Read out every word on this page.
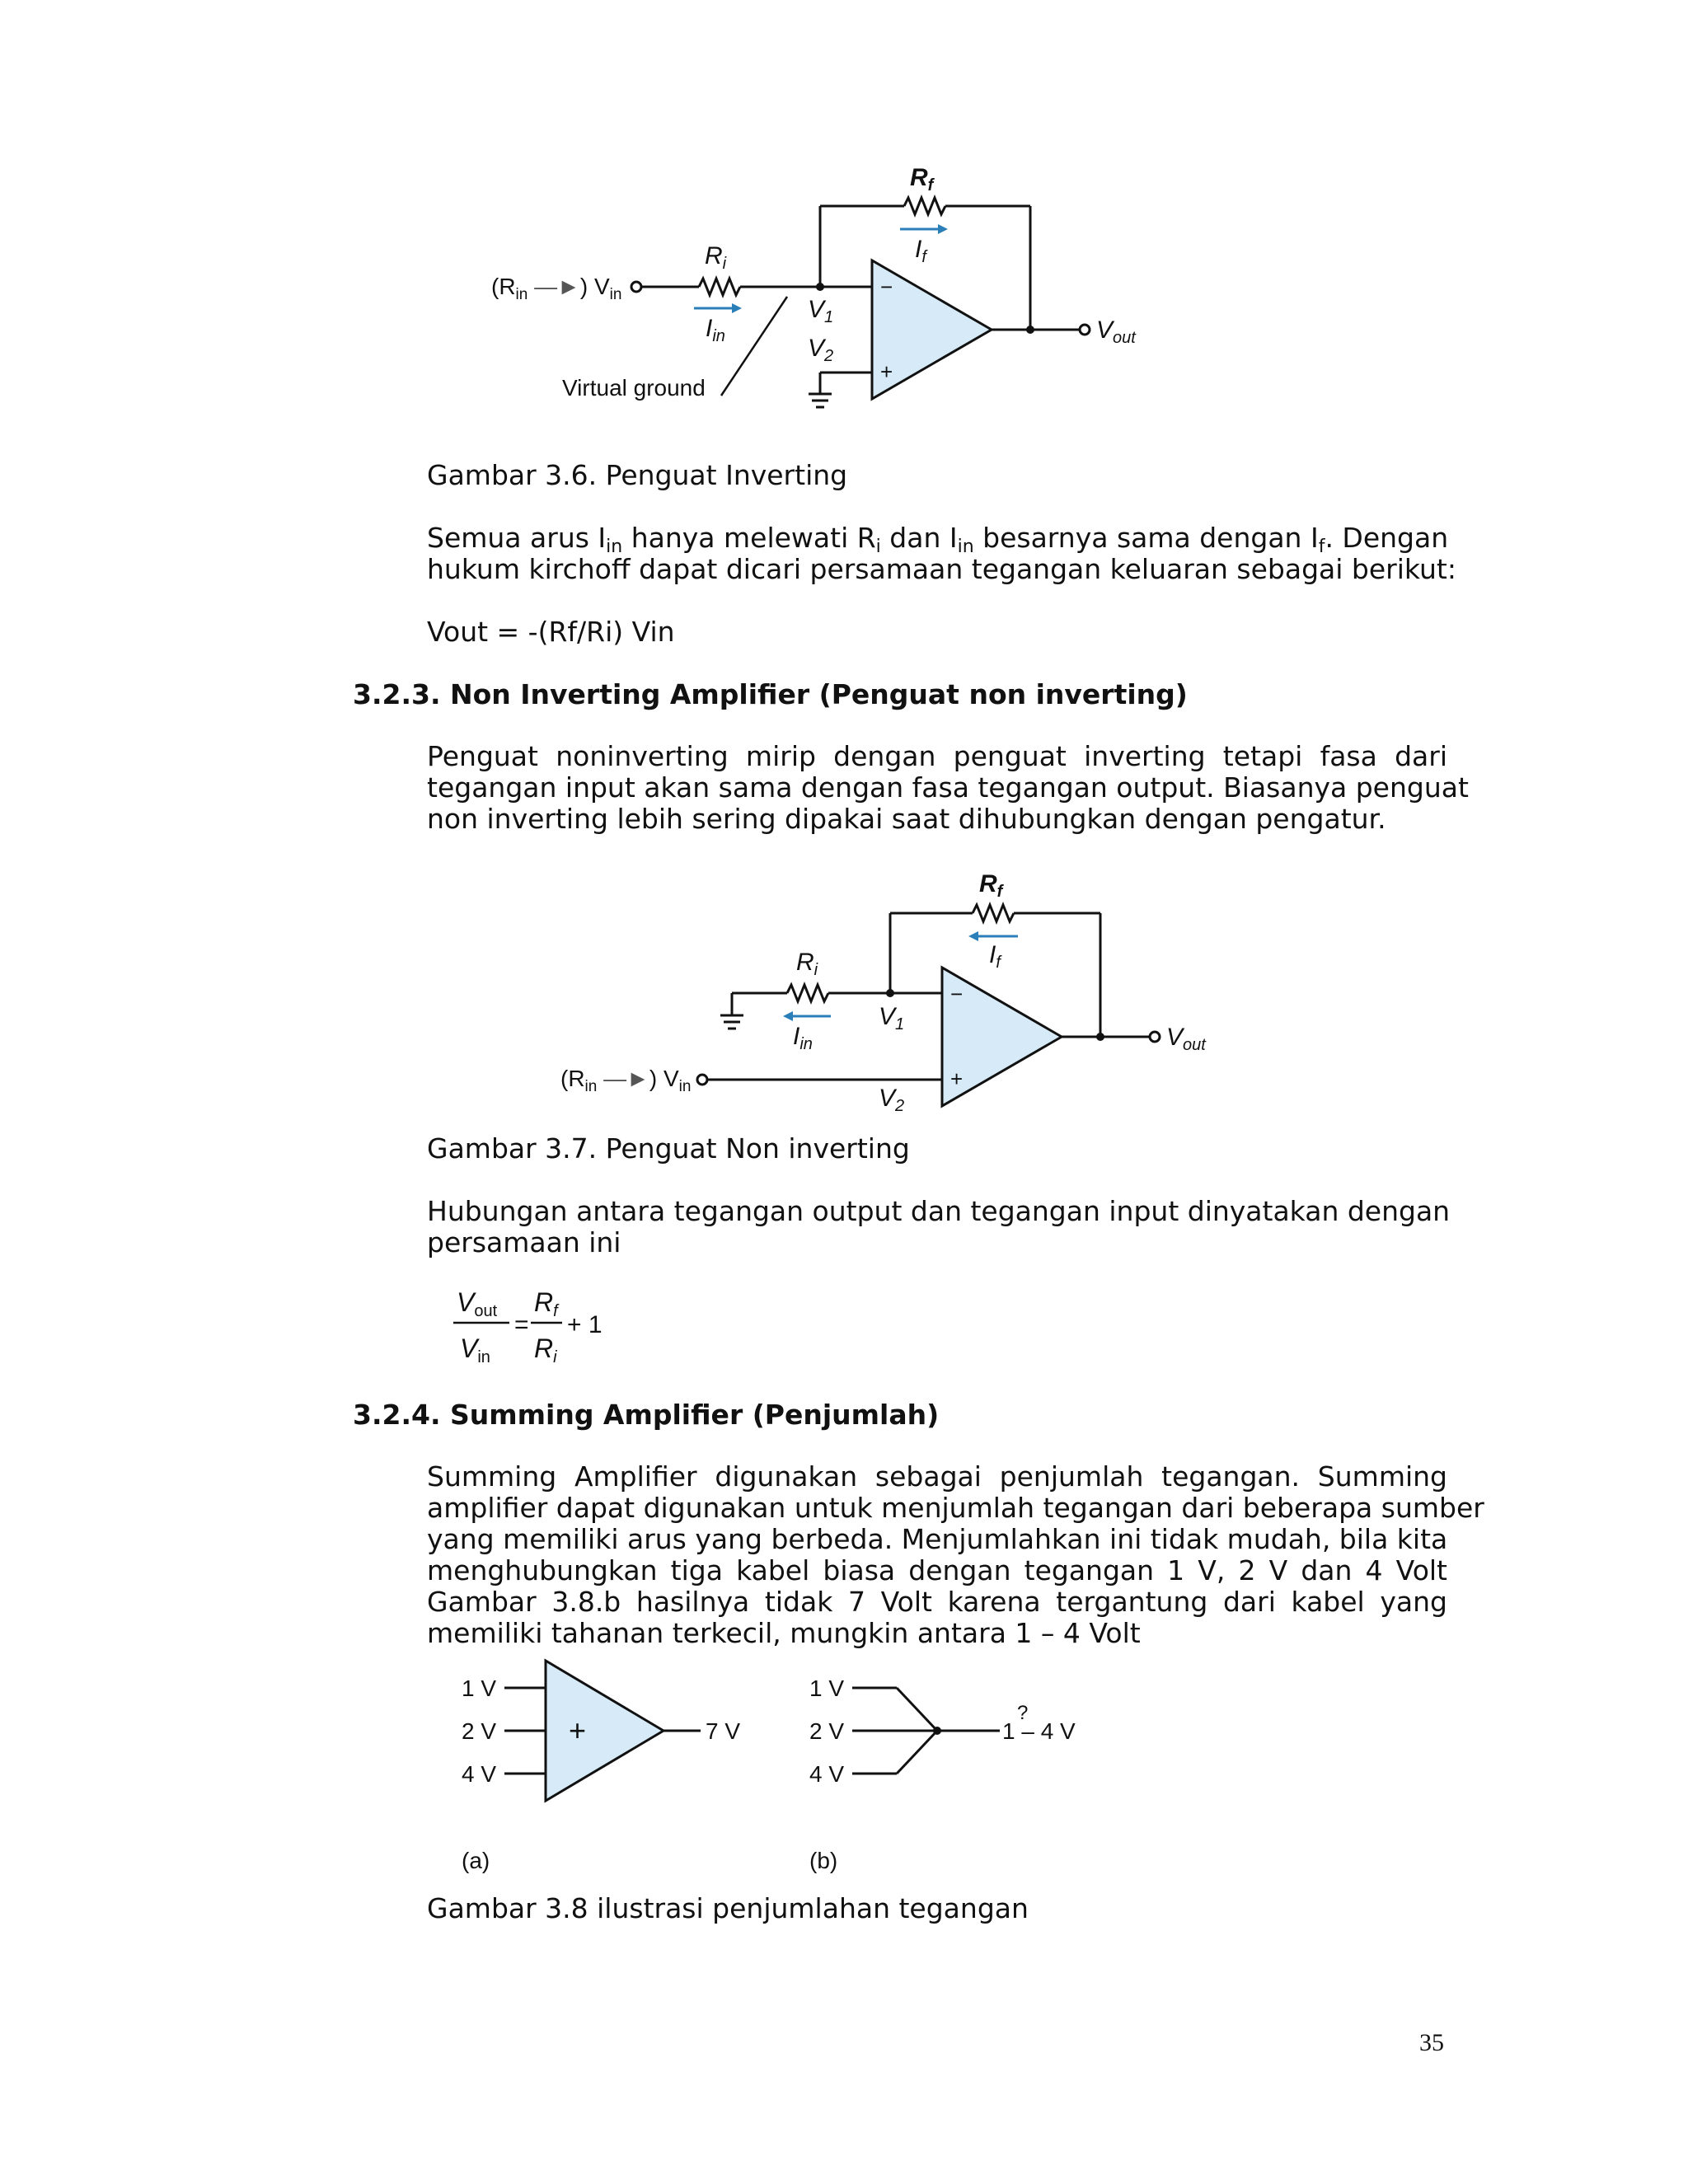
$R_f$
$I_f$
$R_i$
$I_{in}$
$V_1$
$V_2$
($R_{in}$ —►) $V_{in}$
$V_{out}$
Virtual ground
−
+
Gambar 3.6. Penguat Inverting
Semua arus $I_{in}$ hanya melewati $R_i$ dan $I_{in}$ besarnya sama dengan $I_f$. Dengan
hukum kirchoff dapat dicari persamaan tegangan keluaran sebagai berikut:
Vout = -(Rf/Ri) Vin
3.2.3. Non Inverting Amplifier (Penguat non inverting)
Penguat noninverting mirip dengan penguat inverting tetapi fasa dari
tegangan input akan sama dengan fasa tegangan output. Biasanya penguat
non inverting lebih sering dipakai saat dihubungkan dengan pengatur.
$R_f$
$I_f$
$R_i$
$I_{in}$
$V_1$
$V_2$
($R_{in}$ —►) $V_{in}$
$V_{out}$
−
+
Gambar 3.7. Penguat Non inverting
Hubungan antara tegangan output dan tegangan input dinyatakan dengan
persamaan ini
Vout
Vin
Rf
Ri
= + 1
3.2.4. Summing Amplifier (Penjumlah)
Summing Amplifier digunakan sebagai penjumlah tegangan. Summing
amplifier dapat digunakan untuk menjumlah tegangan dari beberapa sumber
yang memiliki arus yang berbeda. Menjumlahkan ini tidak mudah, bila kita
menghubungkan tiga kabel biasa dengan tegangan 1 V, 2 V dan 4 Volt
Gambar 3.8.b hasilnya tidak 7 Volt karena tergantung dari kabel yang
memiliki tahanan terkecil, mungkin antara 1 – 4 Volt
1 V
2 V
4 V
+	7 V
(a)
1 V
2 V
4 V
?
1 – 4 V
(b)
Gambar 3.8 ilustrasi penjumlahan tegangan
35
